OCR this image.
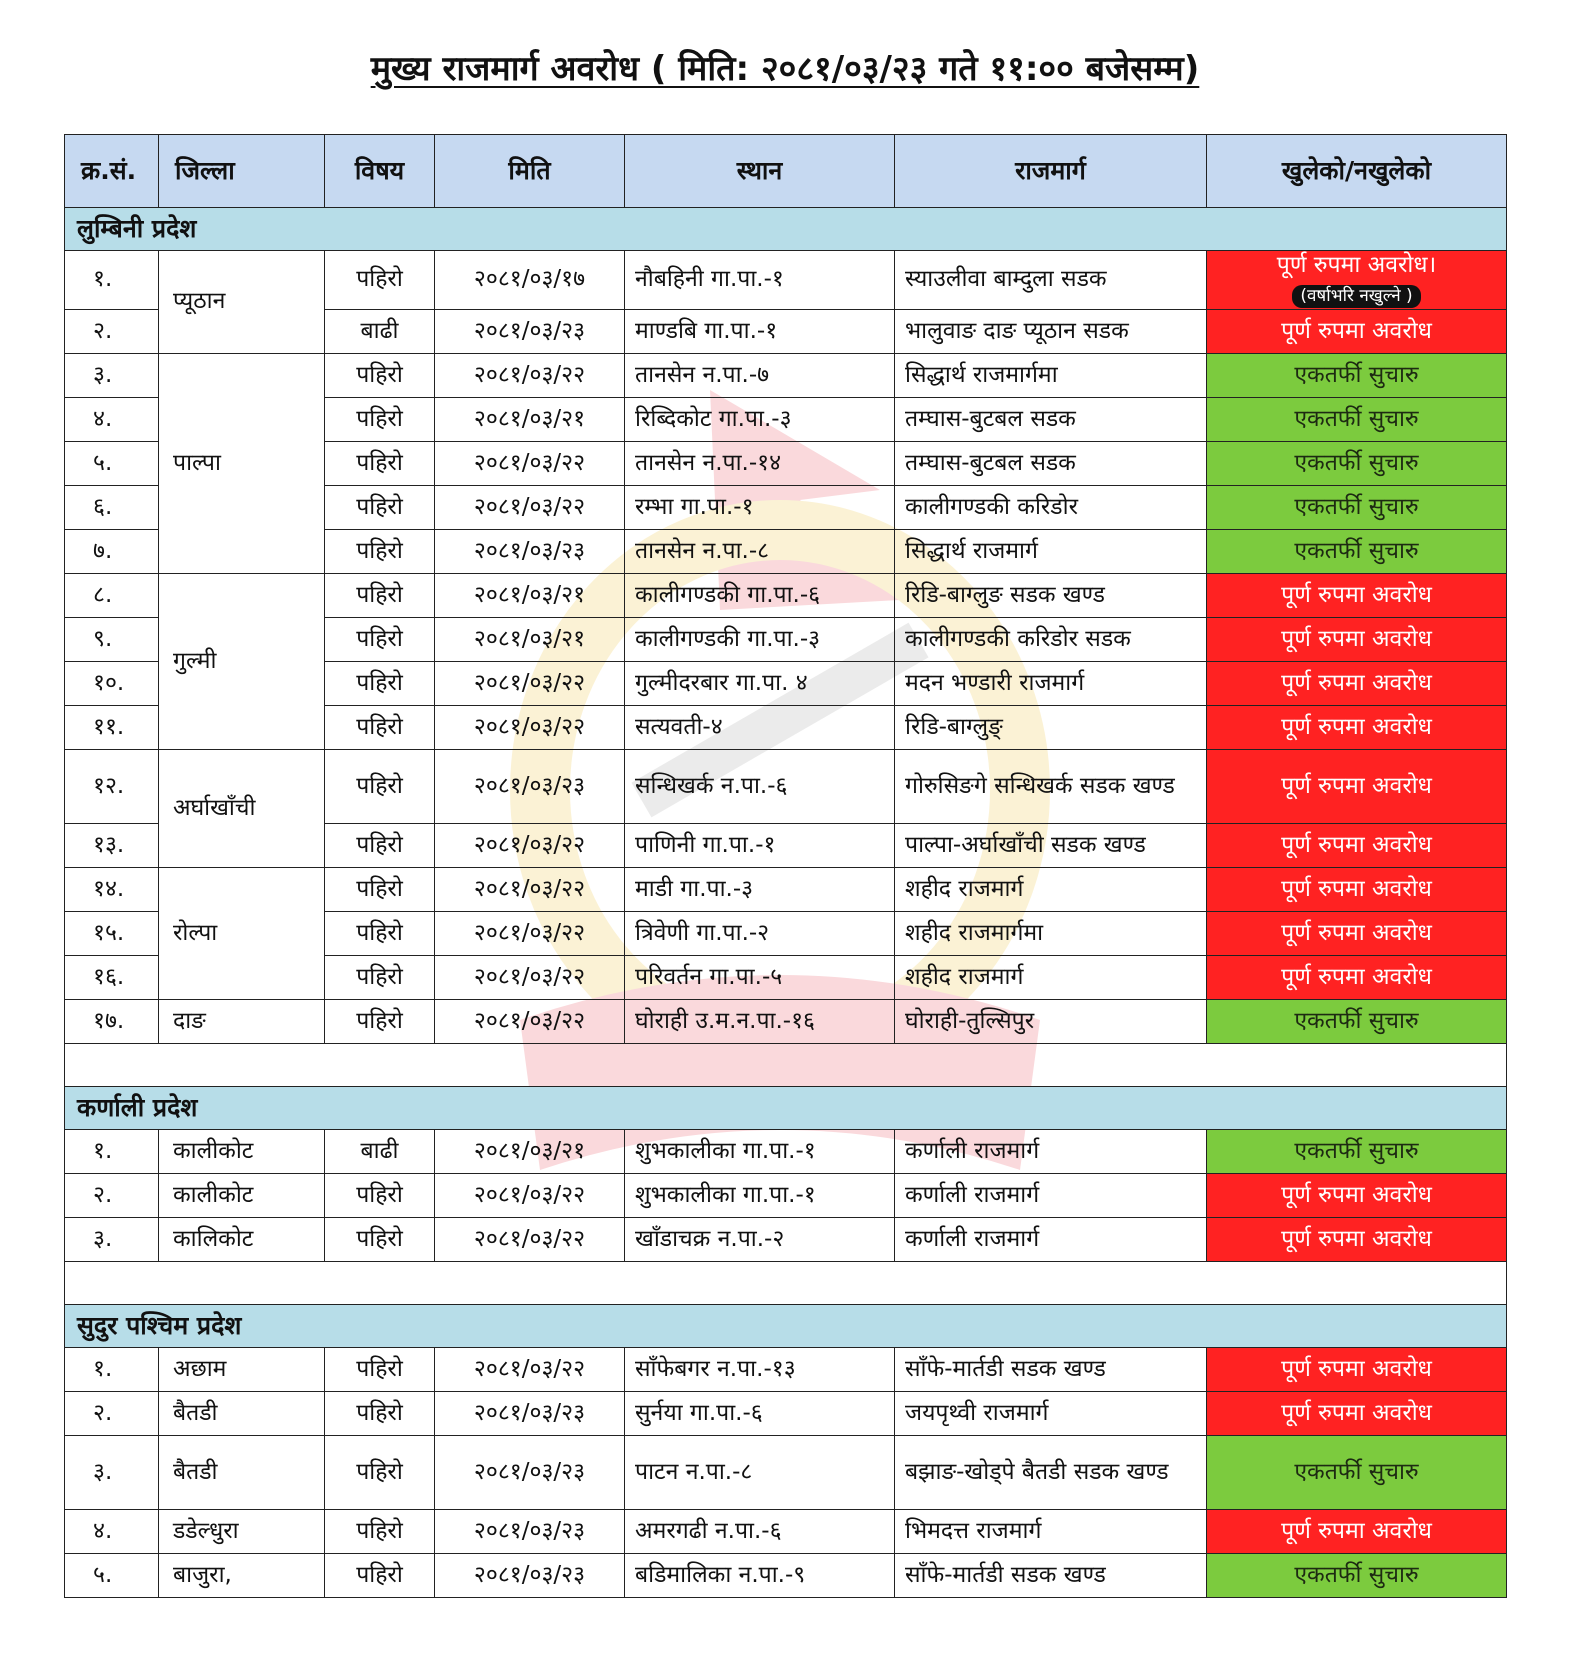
मुख्य राजमार्ग अवरोध ( मिति: २०८१/०३/२३ गते ११:०० बजेसम्म)
क्र.सं.	जिल्ला	विषय	मिति	स्थान	राजमार्ग	खुलेको/नखुलेको
लुम्बिनी प्रदेश						
१.	प्यूठान	पहिरो	२०८१/०३/१७	नौबहिनी गा.पा.-१	स्याउलीवा बाम्दुला सडक	पूर्ण रुपमा अवरोध।
(वर्षाभरि नखुल्ने )
२.		बाढी	२०८१/०३/२३	माण्डबि गा.पा.-१	भालुवाङ दाङ प्यूठान सडक	पूर्ण रुपमा अवरोध

३.	पाल्पा	पहिरो	२०८१/०३/२२	तानसेन न.पा.-७	सिद्धार्थ राजमार्गमा	एकतर्फी सुचारु

४.		पहिरो	२०८१/०३/२१	रिब्दिकोट गा.पा.-३	तम्घास-बुटबल सडक	एकतर्फी सुचारु

५.		पहिरो	२०८१/०३/२२	तानसेन न.पा.-१४	तम्घास-बुटबल सडक	एकतर्फी सुचारु

६.		पहिरो	२०८१/०३/२२	रम्भा गा.पा.-१	कालीगण्डकी करिडोर	एकतर्फी सुचारु

७.		पहिरो	२०८१/०३/२३	तानसेन न.पा.-८	सिद्धार्थ राजमार्ग	एकतर्फी सुचारु

८.	गुल्मी	पहिरो	२०८१/०३/२१	कालीगण्डकी गा.पा.-६	रिडि-बाग्लुङ सडक खण्ड	पूर्ण रुपमा अवरोध

९.		पहिरो	२०८१/०३/२१	कालीगण्डकी गा.पा.-३	कालीगण्डकी करिडोर सडक	पूर्ण रुपमा अवरोध

१०.		पहिरो	२०८१/०३/२२	गुल्मीदरबार गा.पा. ४	मदन भण्डारी राजमार्ग	पूर्ण रुपमा अवरोध

११.		पहिरो	२०८१/०३/२२	सत्यवती-४	रिडि-बाग्लुङ्	पूर्ण रुपमा अवरोध

१२.	अर्घाखाँची	पहिरो	२०८१/०३/२३	सन्धिखर्क न.पा.-६	गोरुसिङगे सन्धिखर्क सडक खण्ड	पूर्ण रुपमा अवरोध

१३.		पहिरो	२०८१/०३/२२	पाणिनी गा.पा.-१	पाल्पा-अर्घाखाँची सडक खण्ड	पूर्ण रुपमा अवरोध

१४.	रोल्पा	पहिरो	२०८१/०३/२२	माडी गा.पा.-३	शहीद राजमार्ग	पूर्ण रुपमा अवरोध

१५.		पहिरो	२०८१/०३/२२	त्रिवेणी गा.पा.-२	शहीद राजमार्गमा	पूर्ण रुपमा अवरोध

१६.		पहिरो	२०८१/०३/२२	परिवर्तन गा.पा.-५	शहीद राजमार्ग	पूर्ण रुपमा अवरोध

१७.	दाङ	पहिरो	२०८१/०३/२२	घोराही उ.म.न.पा.-१६	घोराही-तुल्सिपुर	एकतर्फी सुचारु

कर्णाली प्रदेश						
१.	कालीकोट	बाढी	२०८१/०३/२१	शुभकालीका गा.पा.-१	कर्णाली राजमार्ग	एकतर्फी सुचारु

२.	कालीकोट	पहिरो	२०८१/०३/२२	शुभकालीका गा.पा.-१	कर्णाली राजमार्ग	पूर्ण रुपमा अवरोध

३.	कालिकोट	पहिरो	२०८१/०३/२२	खाँडाचक्र न.पा.-२	कर्णाली राजमार्ग	पूर्ण रुपमा अवरोध

सुदुर पश्चिम प्रदेश						
१.	अछाम	पहिरो	२०८१/०३/२२	साँफेबगर न.पा.-१३	साँफे-मार्तडी सडक खण्ड	पूर्ण रुपमा अवरोध

२.	बैतडी	पहिरो	२०८१/०३/२३	सुर्नया गा.पा.-६	जयपृथ्वी राजमार्ग	पूर्ण रुपमा अवरोध

३.	बैतडी	पहिरो	२०८१/०३/२३	पाटन न.पा.-८	बझाङ-खोड्पे बैतडी सडक खण्ड	एकतर्फी सुचारु

४.	डडेल्धुरा	पहिरो	२०८१/०३/२३	अमरगढी न.पा.-६	भिमदत्त राजमार्ग	पूर्ण रुपमा अवरोध

५.	बाजुरा,	पहिरो	२०८१/०३/२३	बडिमालिका न.पा.-९	साँफे-मार्तडी सडक खण्ड	एकतर्फी सुचारु
